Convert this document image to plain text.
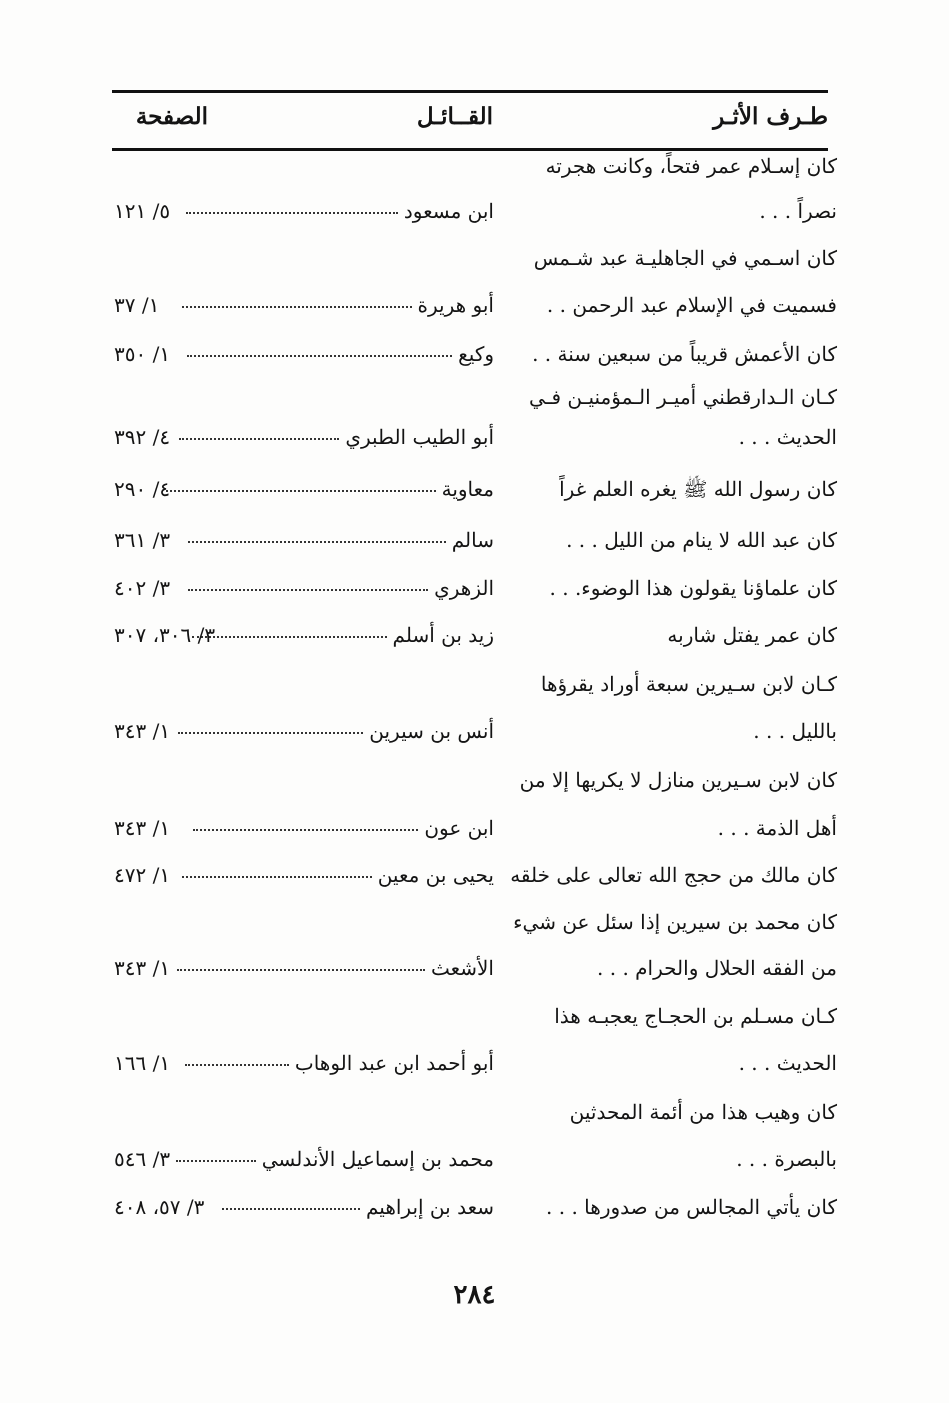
طـرف الأثـر
القــائـل
الصفحة
كان إسـلام عمر فتحاً، وكانت هجرته
نصراً . . .
ابن مسعود
٥/ ١٢١
كان اسـمي في الجاهليـة عبد شـمس
فسميت في الإسلام عبد الرحمن . .
أبو هريرة
١/ ٣٧
كان الأعمش قريباً من سبعين سنة . .
وكيع
١/ ٣٥٠
كـان الـدارقطني أميـر الـمؤمنيـن فـي
الحديث . . .
أبو الطيب الطبري
٤/ ٣٩٢
كان رسول الله ﷺ يغره العلم غراً
معاوية
٤/ ٢٩٠
كان عبد الله لا ينام من الليل . . .
سالم
٣/ ٣٦١
كان علماؤنا يقولون هذا الوضوء. . .
الزهري
٣/ ٤٠٢
كان عمر يفتل شاربه
زيد بن أسلم
٣/ ٣٠٦، ٣٠٧
كـان لابن سـيرين سبعة أوراد يقرؤها
بالليل . . .
أنس بن سيرين
١/ ٣٤٣
كان لابن سـيرين منازل لا يكريها إلا من
أهل الذمة . . .
ابن عون
١/ ٣٤٣
كان مالك من حجج الله تعالى على خلقه
يحيى بن معين
١/ ٤٧٢
كان محمد بن سيرين إذا سئل عن شيء
من الفقه الحلال والحرام . . .
الأشعث
١/ ٣٤٣
كـان مسـلم بن الحجـاج يعجبـه هذا
الحديث . . .
أبو أحمد ابن عبد الوهاب
١/ ١٦٦
كان وهيب هذا من أئمة المحدثين
بالبصرة . . .
محمد بن إسماعيل الأندلسي
٣/ ٥٤٦
كان يأتي المجالس من صدورها . . .
سعد بن إبراهيم
٣/ ٥٧، ٤٠٨
٢٨٤
